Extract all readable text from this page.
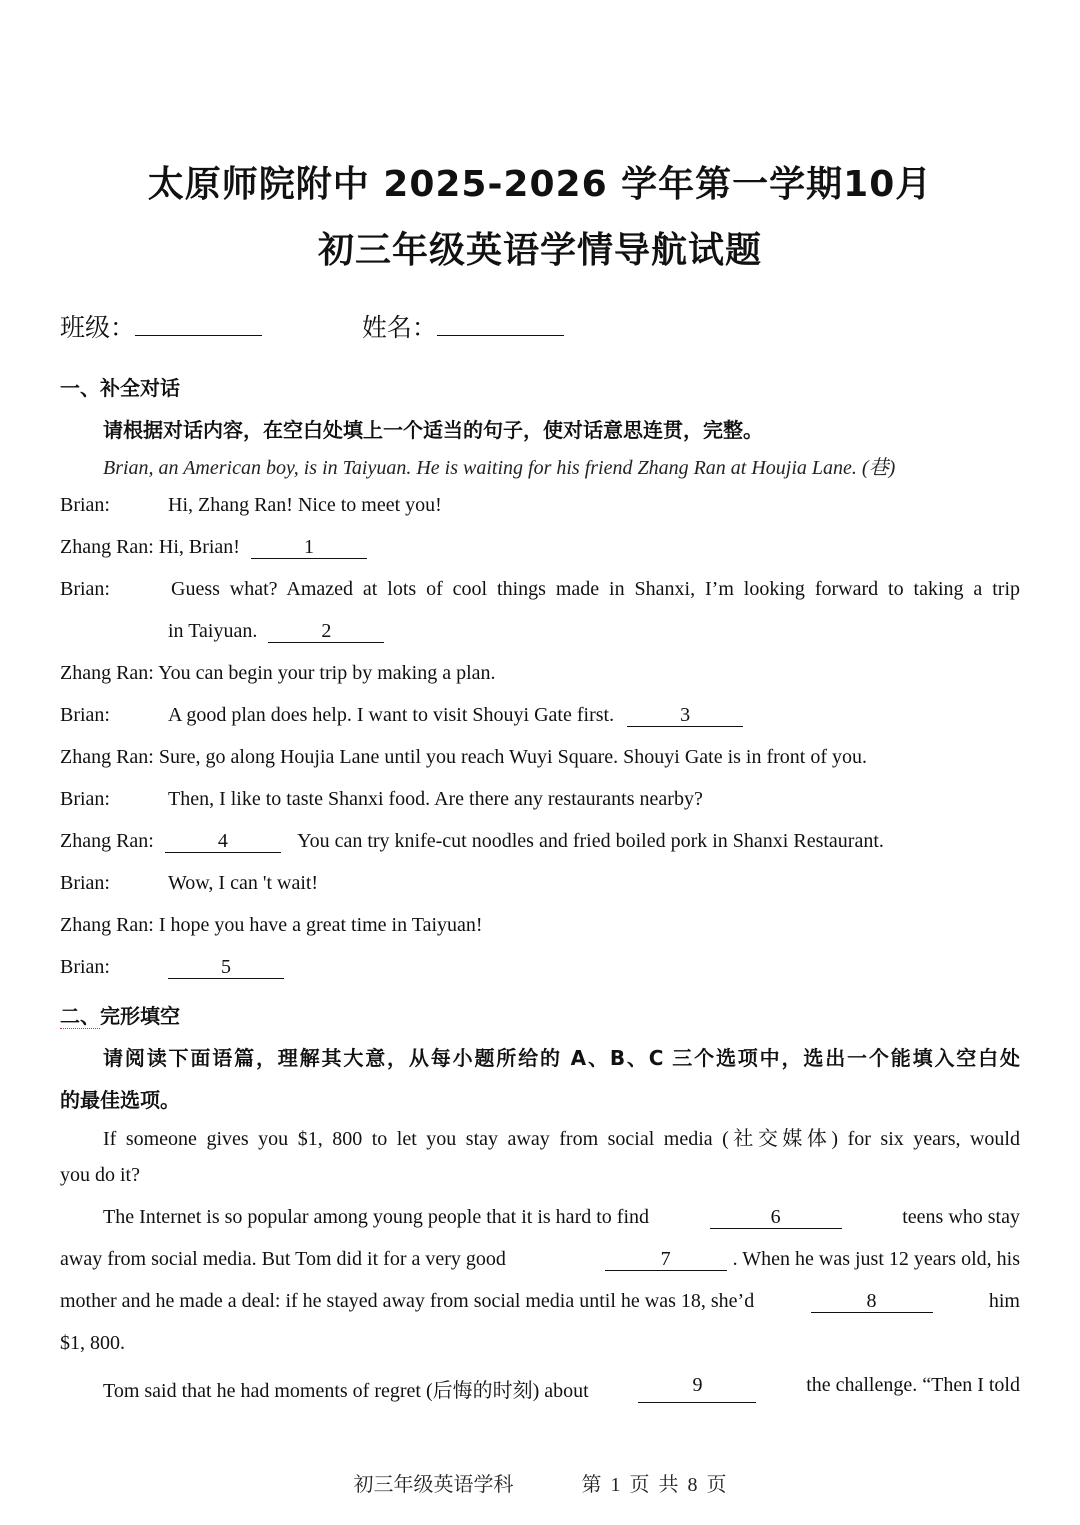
太原师院附中 2025-2026 学年第一学期10月
初三年级英语学情导航试题
班级：	姓名：
一、补全对话
请根据对话内容，在空白处填上一个适当的句子，使对话意思连贯，完整。
Brian, an American boy, is in Taiyuan. He is waiting for his friend Zhang Ran at Houjia Lane. (巷)
Brian:	Hi, Zhang Ran! Nice to meet you!
Zhang Ran: Hi, Brian!	1
Brian:	Guess what? Amazed at lots of cool things made in Shanxi, I’m looking forward to taking a trip
in Taiyuan.	2
Zhang Ran: You can begin your trip by making a plan.
Brian:	A good plan does help. I want to visit Shouyi Gate first.	3
Zhang Ran: Sure, go along Houjia Lane until you reach Wuyi Square. Shouyi Gate is in front of you.
Brian:	Then, I like to taste Shanxi food. Are there any restaurants nearby?
Zhang Ran:	4	You can try knife-cut noodles and fried boiled pork in Shanxi Restaurant.
Brian:	Wow, I can 't wait!
Zhang Ran: I hope you have a great time in Taiyuan!
Brian:	5
二、完形填空
请阅读下面语篇，理解其大意，从每小题所给的 A、B、C 三个选项中，选出一个能填入空白处
的最佳选项。
If someone gives you $1, 800 to let you stay away from social media (社交媒体) for six years, would
you do it?
The Internet is so popular among young people that it is hard to find	6	teens who stay
away from social media. But Tom did it for a very good	7	. When he was just 12 years old, his
mother and he made a deal: if he stayed away from social media until he was 18, she’d	8	him
$1, 800.
Tom said that he had moments of regret (后悔的时刻) about	9	the challenge. “Then I told
初三年级英语学科	第 1 页 共 8 页
